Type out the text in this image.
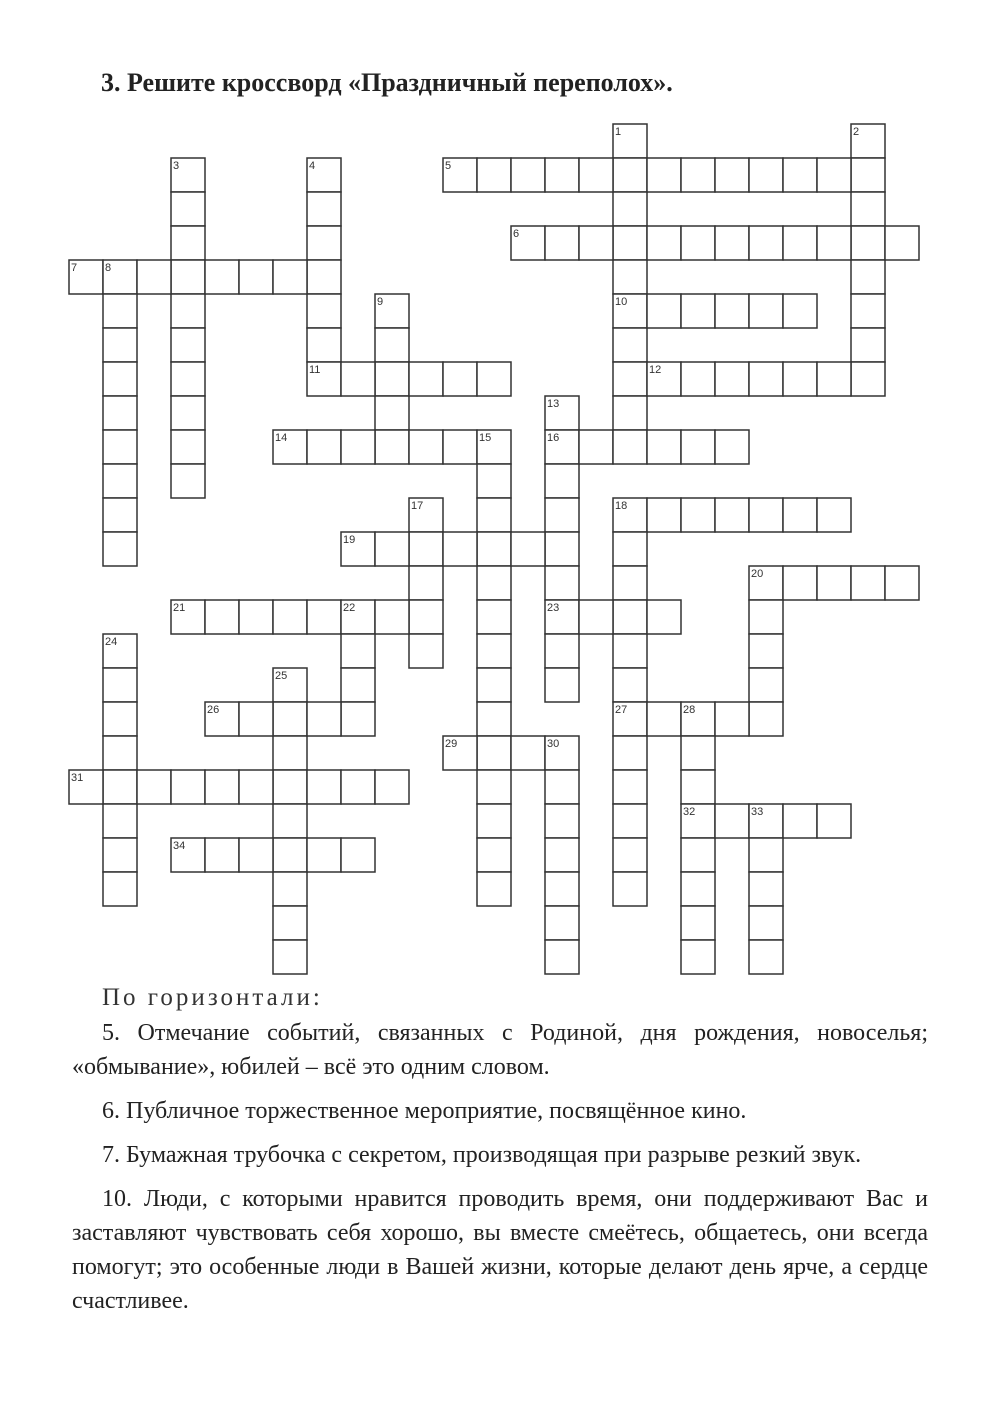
3. Решите кроссворд «Праздничный переполох».
1	2
3	4	5
6
7	8
9	10
11	12
13
14	15	16
17	18
19
20
21	22	23
24
25
26	27	28
29	30
31
32	33
34
По горизонтали:

5. Отмечание событий, связанных с Родиной, дня рождения, новоселья; «обмывание», юбилей – всё это одним словом.

6. Публичное торжественное мероприятие, посвящённое кино.

7. Бумажная трубочка с секретом, производящая при разрыве резкий звук.

10. Люди, с которыми нравится проводить время, они поддерживают Вас и заставляют чувствовать себя хорошо, вы вместе смеётесь, общаетесь, они всегда помогут; это особенные люди в Вашей жизни, которые делают день ярче, а сердце счастливее.
